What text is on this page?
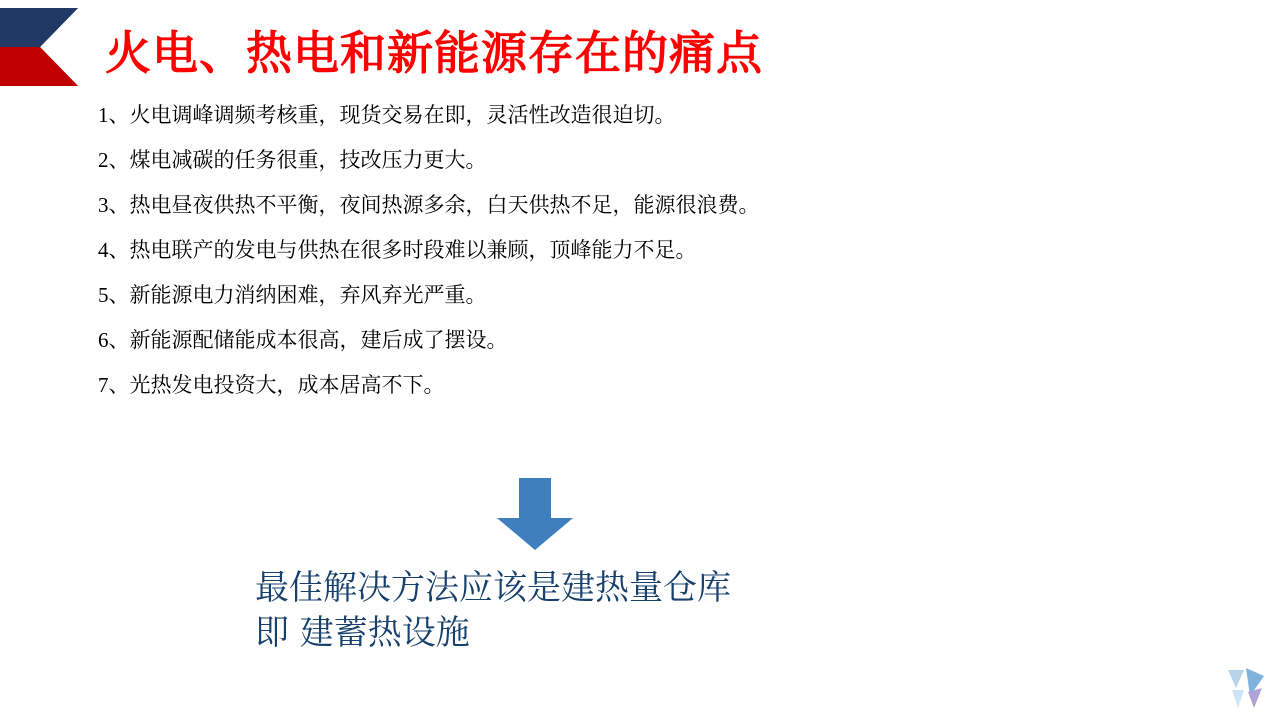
火电、热电和新能源存在的痛点
1、火电调峰调频考核重，现货交易在即，灵活性改造很迫切。
2、煤电减碳的任务很重，技改压力更大。
3、热电昼夜供热不平衡，夜间热源多余，白天供热不足，能源很浪费。
4、热电联产的发电与供热在很多时段难以兼顾，顶峰能力不足。
5、新能源电力消纳困难，弃风弃光严重。
6、新能源配储能成本很高，建后成了摆设。
7、光热发电投资大，成本居高不下。
最佳解决方法应该是建热量仓库
即 建蓄热设施
